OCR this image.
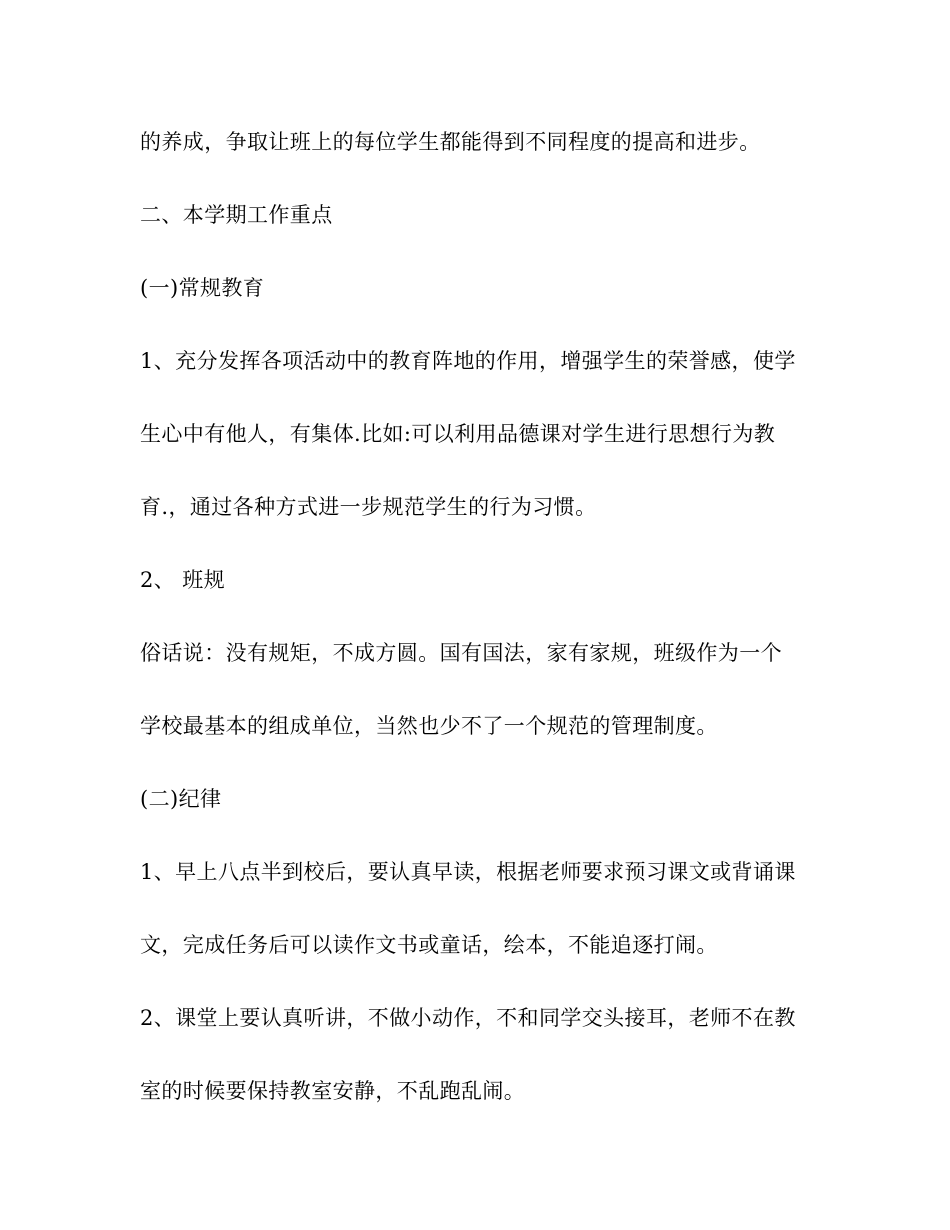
的养成，争取让班上的每位学生都能得到不同程度的提高和进步。
二、本学期工作重点
(一)常规教育
1、充分发挥各项活动中的教育阵地的作用，增强学生的荣誉感，使学
生心中有他人，有集体.比如:可以利用品德课对学生进行思想行为教
育.，通过各种方式进一步规范学生的行为习惯。
2、 班规
俗话说：没有规矩，不成方圆。国有国法，家有家规，班级作为一个
学校最基本的组成单位，当然也少不了一个规范的管理制度。
(二)纪律
1、早上八点半到校后，要认真早读，根据老师要求预习课文或背诵课
文，完成任务后可以读作文书或童话，绘本，不能追逐打闹。
2、课堂上要认真听讲，不做小动作，不和同学交头接耳，老师不在教
室的时候要保持教室安静，不乱跑乱闹。
